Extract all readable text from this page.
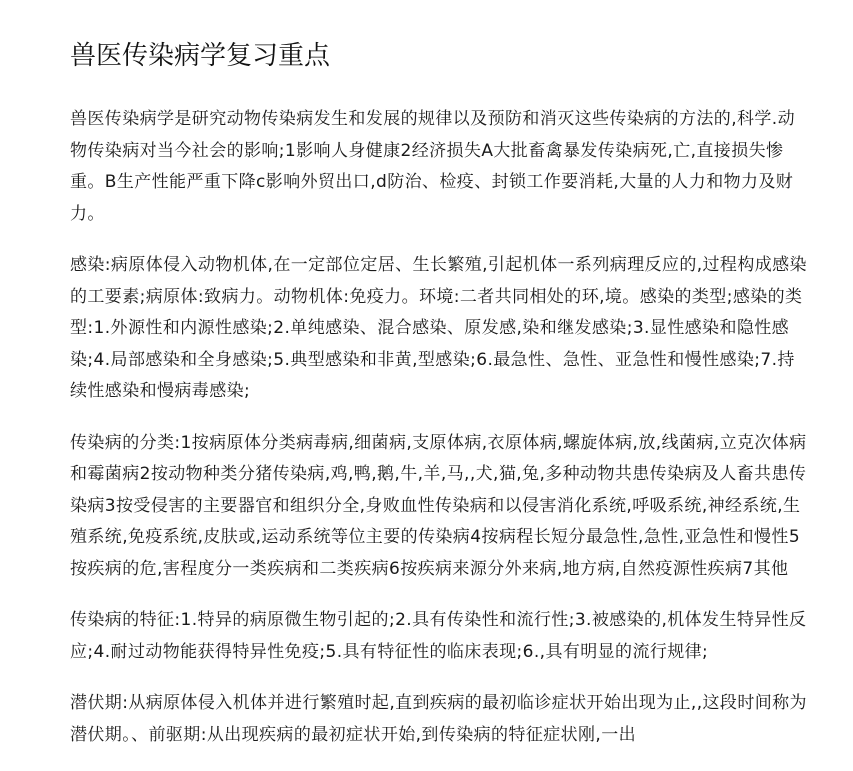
兽医传染病学复习重点

兽医传染病学是研究动物传染病发生和发展的规律以及预防和消灭这些传染病的方法的,科学.动物传染病对当今社会的影响;1影响人身健康2经济损失A大批畜禽暴发传染病死,亡,直接损失惨重。B生产性能严重下降c影响外贸出口,d防治、检疫、封锁工作要消耗,大量的人力和物力及财力。

感染:病原体侵入动物机体,在一定部位定居、生长繁殖,引起机体一系列病理反应的,过程构成感染的工要素;病原体:致病力。动物机体:免疫力。环境:二者共同相处的环,境。感染的类型;感染的类型:1.外源性和内源性感染;2.单纯感染、混合感染、原发感,染和继发感染;3.显性感染和隐性感染;4.局部感染和全身感染;5.典型感染和非黄,型感染;6.最急性、急性、亚急性和慢性感染;7.持续性感染和慢病毒感染;

传染病的分类:1按病原体分类病毒病,细菌病,支原体病,衣原体病,螺旋体病,放,线菌病,立克次体病和霉菌病2按动物种类分猪传染病,鸡,鸭,鹅,牛,羊,马,,犬,猫,兔,多种动物共患传染病及人畜共患传染病3按受侵害的主要器官和组织分全,身败血性传染病和以侵害消化系统,呼吸系统,神经系统,生殖系统,免疫系统,皮肤或,运动系统等位主要的传染病4按病程长短分最急性,急性,亚急性和慢性5按疾病的危,害程度分一类疾病和二类疾病6按疾病来源分外来病,地方病,自然疫源性疾病7其他

传染病的特征:1.特异的病原微生物引起的;2.具有传染性和流行性;3.被感染的,机体发生特异性反应;4.耐过动物能获得特异性免疫;5.具有特征性的临床表现;6.,具有明显的流行规律;

潜伏期:从病原体侵入机体并进行繁殖时起,直到疾病的最初临诊症状开始出现为止,,这段时间称为潜伏期。、前驱期:从出现疾病的最初症状开始,到传染病的特征症状刚,一出
